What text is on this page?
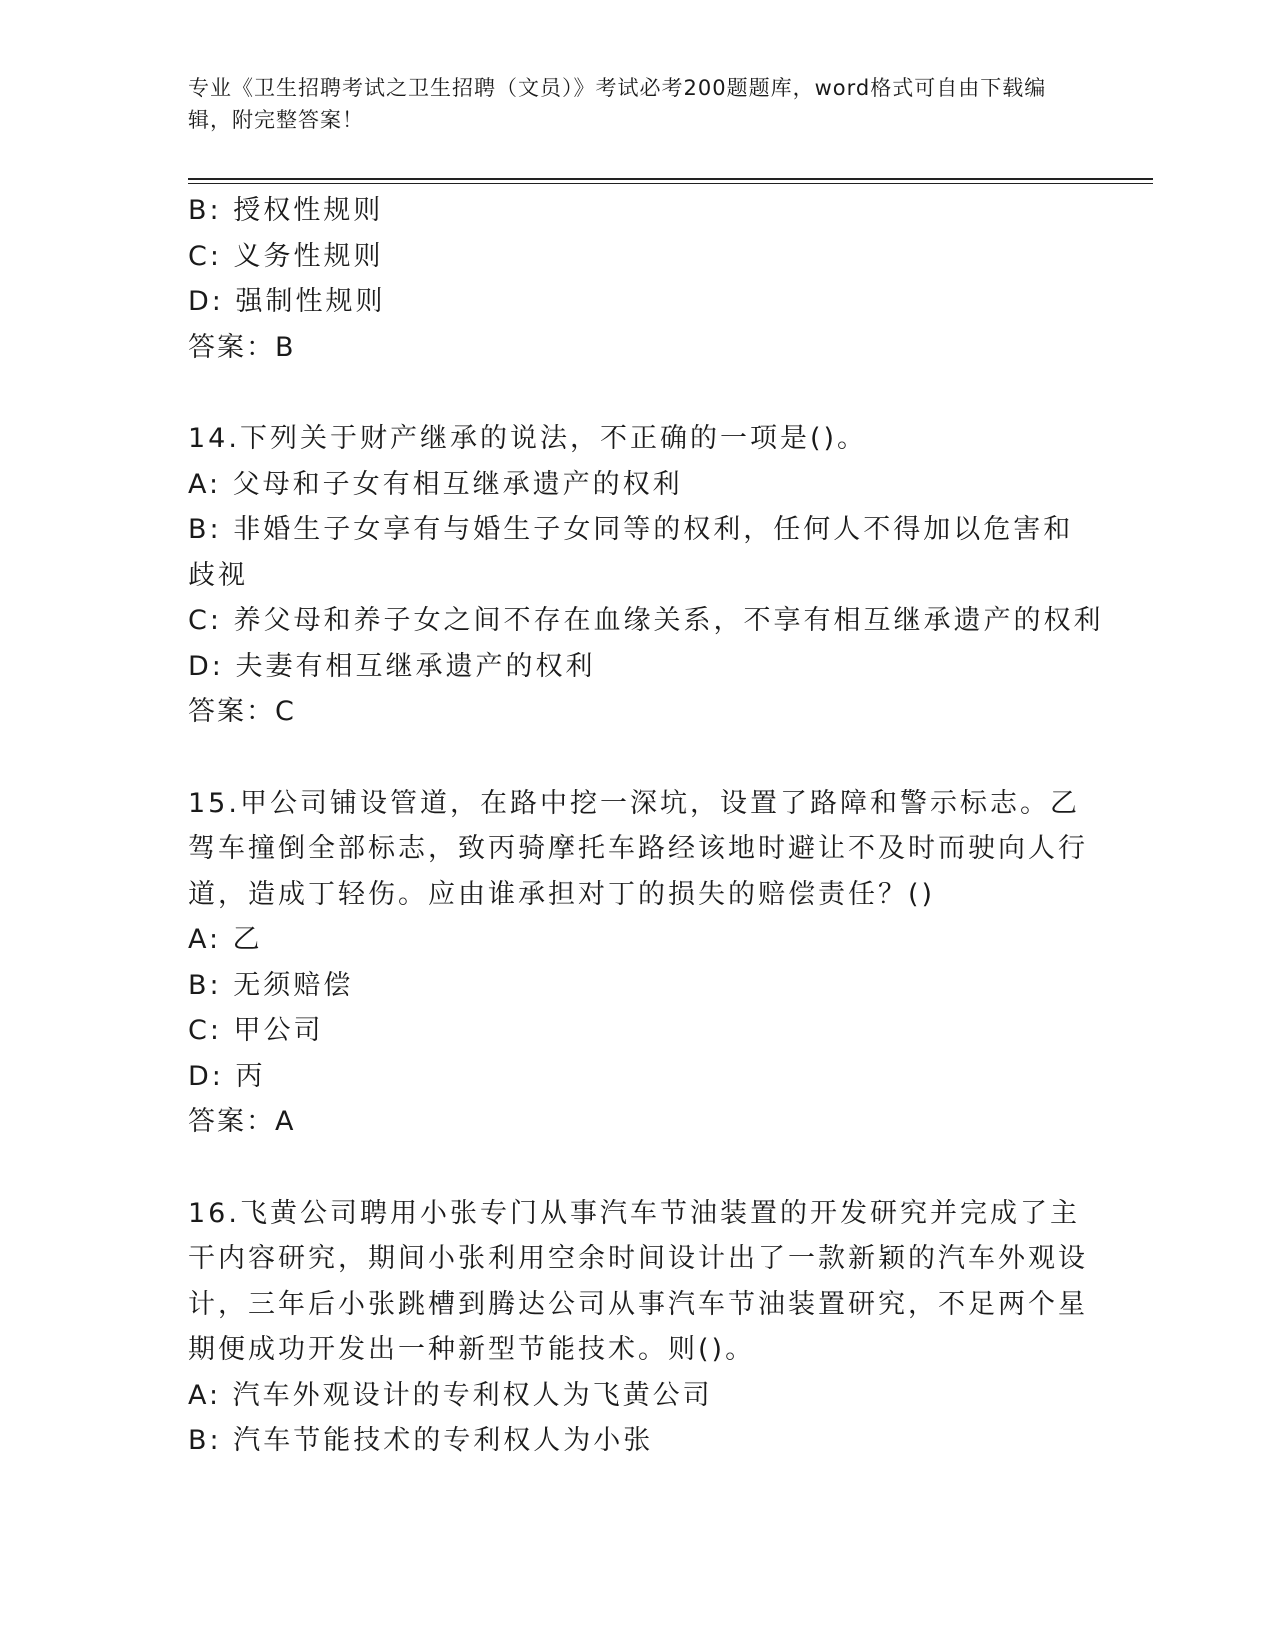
专业《卫生招聘考试之卫生招聘（文员）》考试必考200题题库，word格式可自由下载编辑，附完整答案！
B: 授权性规则
C: 义务性规则
D: 强制性规则
答案：B
14.下列关于财产继承的说法，不正确的一项是()。
A: 父母和子女有相互继承遗产的权利
B: 非婚生子女享有与婚生子女同等的权利，任何人不得加以危害和歧视
C: 养父母和养子女之间不存在血缘关系，不享有相互继承遗产的权利
D: 夫妻有相互继承遗产的权利
答案：C
15.甲公司铺设管道，在路中挖一深坑，设置了路障和警示标志。乙驾车撞倒全部标志，致丙骑摩托车路经该地时避让不及时而驶向人行道，造成丁轻伤。应由谁承担对丁的损失的赔偿责任？()
A: 乙
B: 无须赔偿
C: 甲公司
D: 丙
答案：A
16.飞黄公司聘用小张专门从事汽车节油装置的开发研究并完成了主干内容研究，期间小张利用空余时间设计出了一款新颖的汽车外观设计，三年后小张跳槽到腾达公司从事汽车节油装置研究，不足两个星期便成功开发出一种新型节能技术。则()。
A: 汽车外观设计的专利权人为飞黄公司
B: 汽车节能技术的专利权人为小张
